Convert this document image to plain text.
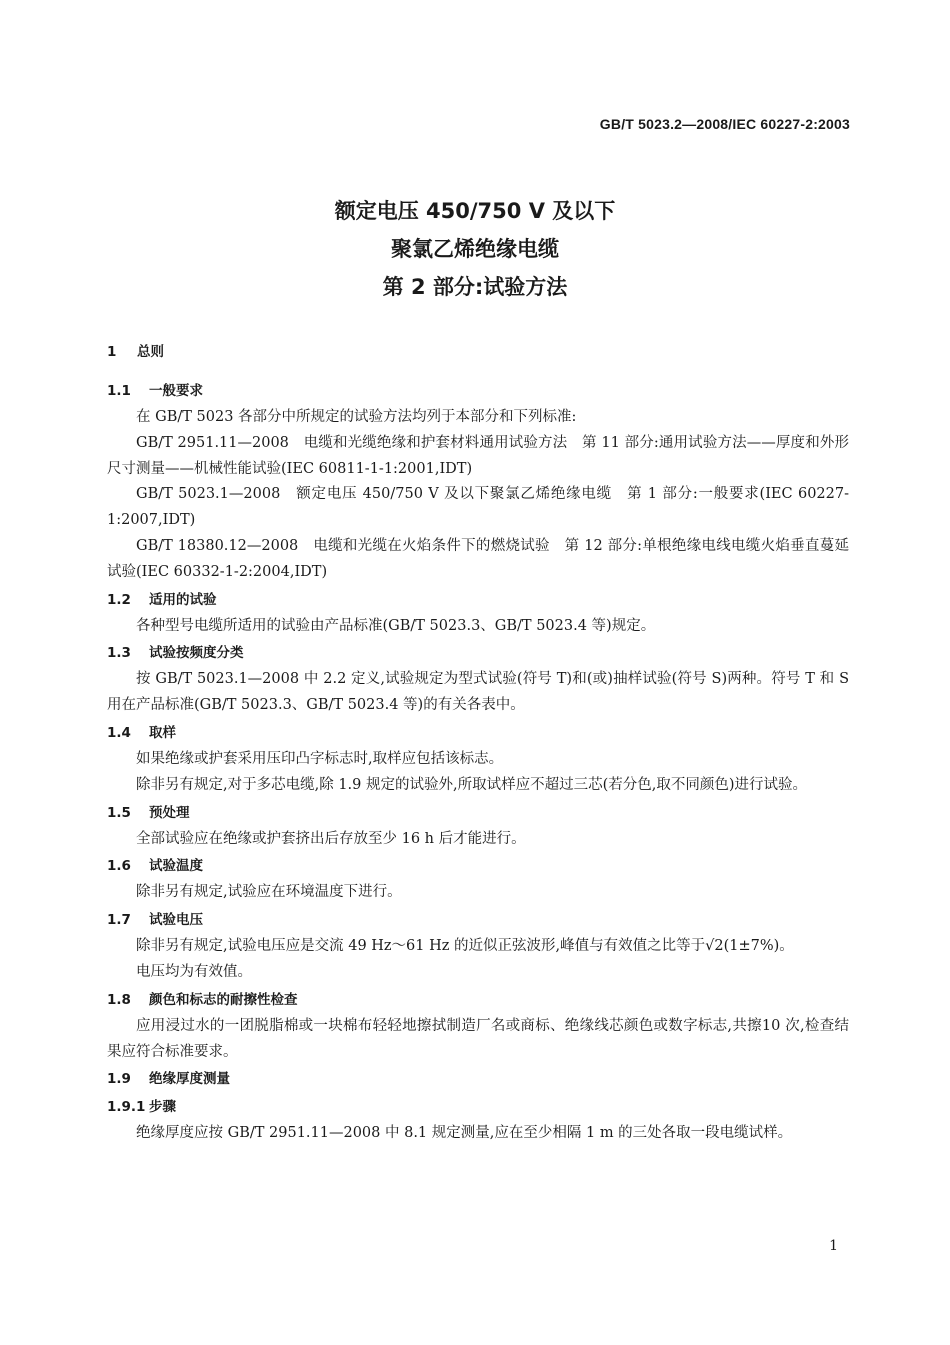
GB/T 5023.2—2008/IEC 60227-2:2003
额定电压 450/750 V 及以下
聚氯乙烯绝缘电缆
第 2 部分:试验方法
1 总则
1.1 一般要求

在 GB/T 5023 各部分中所规定的试验方法均列于本部分和下列标准:

GB/T 2951.11—2008　电缆和光缆绝缘和护套材料通用试验方法　第 11 部分:通用试验方法——厚度和外形尺寸测量——机械性能试验(IEC 60811-1-1:2001,IDT)

GB/T 5023.1—2008　额定电压 450/750 V 及以下聚氯乙烯绝缘电缆　第 1 部分:一般要求(IEC 60227-1:2007,IDT)

GB/T 18380.12—2008　电缆和光缆在火焰条件下的燃烧试验　第 12 部分:单根绝缘电线电缆火焰垂直蔓延试验(IEC 60332-1-2:2004,IDT)

1.2 适用的试验

各种型号电缆所适用的试验由产品标准(GB/T 5023.3、GB/T 5023.4 等)规定。

1.3 试验按频度分类

按 GB/T 5023.1—2008 中 2.2 定义,试验规定为型式试验(符号 T)和(或)抽样试验(符号 S)两种。符号 T 和 S 用在产品标准(GB/T 5023.3、GB/T 5023.4 等)的有关各表中。

1.4 取样

如果绝缘或护套采用压印凸字标志时,取样应包括该标志。

除非另有规定,对于多芯电缆,除 1.9 规定的试验外,所取试样应不超过三芯(若分色,取不同颜色)进行试验。

1.5 预处理

全部试验应在绝缘或护套挤出后存放至少 16 h 后才能进行。

1.6 试验温度

除非另有规定,试验应在环境温度下进行。

1.7 试验电压

除非另有规定,试验电压应是交流 49 Hz～61 Hz 的近似正弦波形,峰值与有效值之比等于√2(1±7%)。

电压均为有效值。

1.8 颜色和标志的耐擦性检查

应用浸过水的一团脱脂棉或一块棉布轻轻地擦拭制造厂名或商标、绝缘线芯颜色或数字标志,共擦10 次,检查结果应符合标准要求。

1.9 绝缘厚度测量
1.9.1 步骤

绝缘厚度应按 GB/T 2951.11—2008 中 8.1 规定测量,应在至少相隔 1 m 的三处各取一段电缆试样。

1
